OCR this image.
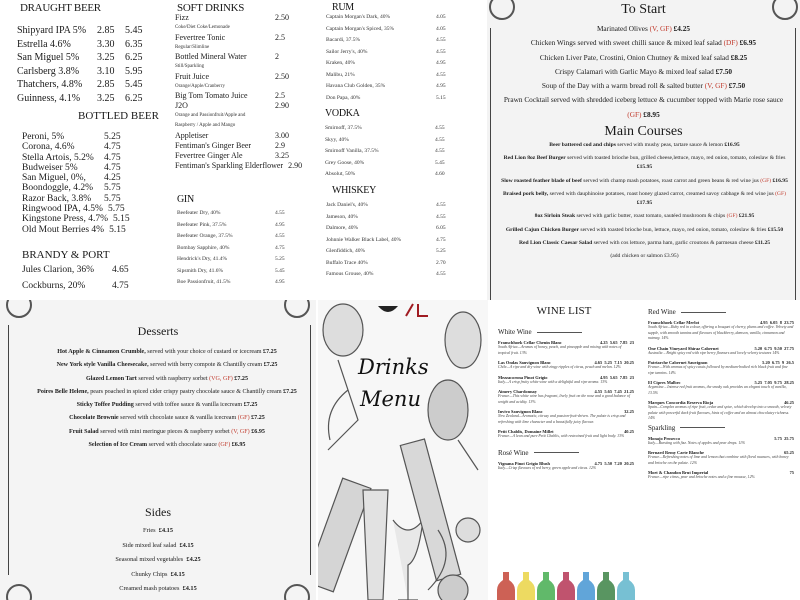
DRAUGHT BEER
Shipyard IPA 5%	2.85	5.45
Estrella 4.6%	3.30	6.35
San Miguel 5%	3.25	6.25
Carlsberg 3.8%	3.10	5.95
Thatchers, 4.8%	2.85	5.45
Guinness, 4.1%	3.25	6.25
BOTTLED BEER
Peroni, 5%	5.25
Corona, 4.6%	4.75
Stella Artois, 5.2%	4.75
Budweiser 5%	4.75
San Miguel, 0%,	4.25
Boondoggle, 4.2%	5.75
Razor Back, 3.8%	5.75
Ringwood IPA, 4.5% 5.75
Kingstone Press, 4.7% 5.15
Old Mout Berries 4% 5.15
BRANDY & PORT
Jules Clarion, 36%	4.65
Cockburns, 20%	4.75
SOFT DRINKS
Fizz	2.50
Coke/Diet Coke/Lemonade
Fevertree Tonic	2.5
Regular/Slimline
Bottled Mineral Water	2
Still/Sparkling
Fruit Juice	2.50
Orange/Apple/Cranberry
Big Tom Tomato Juice	2.5
J2O	2.90
Orange and Passionfruit/Apple and
Raspberry / Apple and Mango
Appletiser	3.00
Fentiman's Ginger Beer	2.9
Fevertree Ginger Ale	3.25
Fentiman's Sparkling Elderflower 2.90
GIN
Beefeater Dry, 40%	4.55
Beefeater Pink, 37.5%	4.95
Beefeater Orange, 37.5%	4.55
Bombay Sapphire, 40%	4.75
Hendrick's Dry, 41.4%	5.25
Sipsmith Dry, 41.6%	5.45
Boe Passionfruit, 41.5%	4.95
RUM
Captain Morgan's Dark, 40%	4.05
Captain Morgan's Spiced, 35%	4.05
Bacardi, 37.5%	4.55
Sailor Jerry's, 40%	4.55
Kraken, 40%	4.95
Malibu, 21%	4.55
Havana Club Golden, 35%	4.95
Don Papa, 40%	5.15
VODKA
Smirnoff, 37.5%	4.55
Skyy, 40%	4.55
Smirnoff Vanilla, 37.5%	4.55
Grey Goose, 40%	5.45
Absolut, 50%	4.60
WHISKEY
Jack Daniel's, 40%	4.55
Jameson, 40%	4.55
Dalmore, 40%	6.05
Johnnie Walker Black Label, 40%	4.75
Glenfiddich, 40%	5.25
Buffalo Trace 40%	2.70
Famous Grouse, 40%	4.55
To Start
Marinated Olives (V, GF) £4.25
Chicken Wings served with sweet chilli sauce & mixed leaf salad (DF) £6.95
Chicken Liver Pate, Crostini, Onion Chutney & mixed leaf salad £8.25
Crispy Calamari with Garlic Mayo & mixed leaf salad £7.50
Soup of the Day with a warm bread roll & salted butter (V, GF) £7.50
Prawn Cocktail served with shredded iceberg lettuce & cucumber topped with Marie rose sauce (GF) £8.95
Main Courses
Beer battered cod and chips served with mushy peas, tartare sauce & lemon £16.95
Red Lion 8oz Beef Burger served with toasted brioche bun, grilled cheese,lettuce, mayo, red onion, tomato, coleslaw & fries £15.95
Slow roasted feather blade of beef served with champ mash potatoes, roast carrot and green beans & red wine jus (GF) £16.95
Braised pork belly, served with dauphinoise potatoes, roast honey glazed carrot, creamed savoy cabbage & red wine jus (GF) £17.95
8oz Sirloin Steak served with garlic butter, roast tomato, sautéed mushroom & chips (GF) £21.95
Grilled Cajun Chicken Burger served with toasted brioche bun, lettuce, mayo, red onion, tomato, coleslaw & fries £15.50
Red Lion Classic Caesar Salad served with cos lettuce, parma ham, garlic croutons & parmesan cheese £11.25
(add chicken or salmon £3.95)
Desserts
Hot Apple & Cinnamon Crumble, served with your choice of custard or icecream £7.25
New York style Vanilla Cheesecake, served with berry compote & Chantilly cream £7.25
Glazed Lemon Tart served with raspberry sorbet (VG, GF) £7.25
Poires Belle Helene, pears poached in spiced cider crispy pastry chocolate sauce & Chantilly cream £7.25
Sticky Toffee Pudding served with toffee sauce & vanilla icecream £7.25
Chocolate Brownie served with chocolate sauce & vanilla icecream (GF) £7.25
Fruit Salad served with mini meringue pieces & raspberry sorbet (V, GF) £6.95
Selection of Ice Cream served with chocolate sauce (GF) £6.95
Sides
Fries £4.15
Side mixed leaf salad £4.15
Seasonal mixed vegetables £4.25
Chunky Chips £4.15
Creamed mash potatoes £4.15
Drinks
Menu
WINE LIST
White Wine
Franschhoek Cellar Chenin Blanc	4.25  5.65  7.85  23
South Africa—Aromas of honey, peach, and pineapple and mixing with notes of tropical fruit. 13%
Las Ondas Sauvignon Blanc	4.65  5.25  7.15  20.25
Chile—A ripe and dry wine with zingy ripples of citrus, peach and melon. 12%
Mezzacorona Pinot Grigio	4.95  5.65  7.85  23
Italy—A crisp fruity white wine with a delightful and ripe aroma. 13%
Aimery Chardonnay	4.55  5.65  7.45  21.25
France—This white wine has fragrant, lively fruit on the nose and a good balance of weight and acidity. 13%
Invivo Sauvignon Blanc	32.25
New Zealand—Aromatic, citrusy and passion-fruit-driven. The palate is crisp and refreshing with lime character and a beautifully juicy flavour.
Petit Chablis, Domaine Millet	40.25
France—A lean and pure Petit Chablis, with restrained fruit and light body. 13%
Rosé Wine
Vignana Pinot Grigio Blush	4.75  5.50  7.20  20.25
Italy—Crisp flavours of red berry, green apple and citrus. 12%
Red Wine
Franschhoek Cellar Merlot	4.95  6.05  8  23.75
South Africa—Ruby red in colour, offering a bouquet of cherry, plums and coffee. Velvety and supple, with smooth tannins and flavours of blackberry, damson, vanilla, cinnamon and nutmeg. 14%
One Chain Vineyard Shiraz Cabernet	5.20  6.75  9.50  27.75
Australia – Bright spicy red with ripe berry flavours and lovely velvety textures 14%
Patriarche Cabernet Sauvignon	5.20  6.75  9  26.5
France—With aromas of spicy cassis followed by medium-bodied rich black fruit and fine ripe tannins. 14%
El Cipres Malbec	5.25  7.05  9.75  28.25
Argentina – Intense red fruit aromas, the smoky oak provides an elegant touch of vanilla, 13.5%
Marques Concordia Reserva Rioja	46.25
Spain—Complex aromas of ripe fruit, cedar and spice, which develop into a smooth, velvety palate with powerful dark fruit flavours, hints of coffee and an almost chocolatey richness. 14%
Sparkling
Monajo Prosecco	5.75  25.75
Italy—Bursting with fizz. Notes of apples and pear drops. 11%
Bernard Remy Carte Blanche	65.25
France—Refreshing notes of lime and lemon that combine with floral nuances, with honey and brioche on the palate. 12%
Moet & Chandon Brut Imperial	75
France—ripe citrus, pear and brioche notes and a fine mousse, 12%
